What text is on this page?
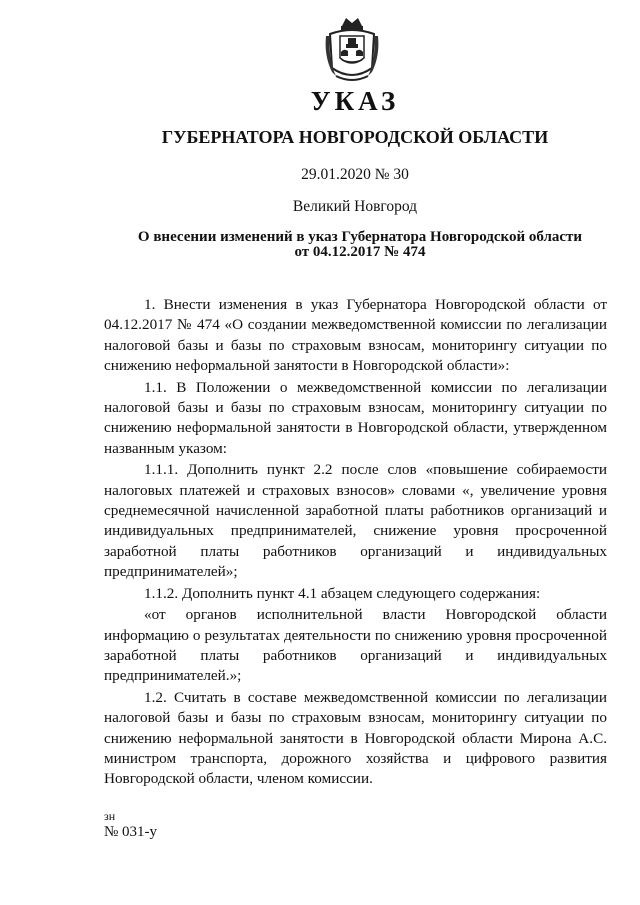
УКАЗ
ГУБЕРНАТОРА НОВГОРОДСКОЙ ОБЛАСТИ
29.01.2020 № 30
Великий Новгород
О внесении изменений в указ Губернатора Новгородской области
от 04.12.2017 № 474

1. Внести изменения в указ Губернатора Новгородской области от 04.12.2017 № 474 «О создании межведомственной комиссии по легализации налоговой базы и базы по страховым взносам, мониторингу ситуации по снижению неформальной занятости в Новгородской области»:

1.1. В Положении о межведомственной комиссии по легализации налоговой базы и базы по страховым взносам, мониторингу ситуации по снижению неформальной занятости в Новгородской области, утвержденном названным указом:

1.1.1. Дополнить пункт 2.2 после слов «повышение собираемости налоговых платежей и страховых взносов» словами «, увеличение уровня среднемесячной начисленной заработной платы работников организаций и индивидуальных предпринимателей, снижение уровня просроченной заработной платы работников организаций и индивидуальных предпринимателей»;

1.1.2. Дополнить пункт 4.1 абзацем следующего содержания:

«от органов исполнительной власти Новгородской области информацию о результатах деятельности по снижению уровня просроченной заработной платы работников организаций и индивидуальных предпринимателей.»;

1.2. Считать в составе межведомственной комиссии по легализации налоговой базы и базы по страховым взносам, мониторингу ситуации по снижению неформальной занятости в Новгородской области Мирона А.С. министром транспорта, дорожного хозяйства и цифрового развития Новгородской области, членом комиссии.

зн
№ 031-у
